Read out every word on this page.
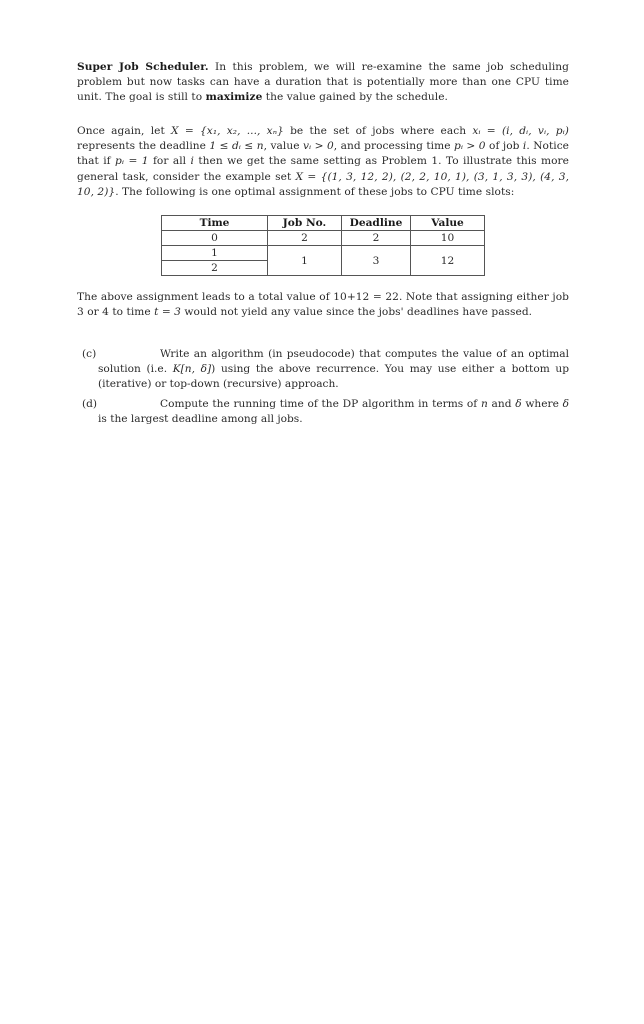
Super Job Scheduler. In this problem, we will re-examine the same job scheduling problem but now tasks can have a duration that is potentially more than one CPU time unit. The goal is still to maximize the value gained by the schedule.

Once again, let X = {x₁, x₂, ..., xₙ} be the set of jobs where each xᵢ = (i, dᵢ, vᵢ, pᵢ) represents the deadline 1 ≤ dᵢ ≤ n, value vᵢ > 0, and processing time pᵢ > 0 of job i. Notice that if pᵢ = 1 for all i then we get the same setting as Problem 1. To illustrate this more general task, consider the example set X = {(1, 3, 12, 2), (2, 2, 10, 1), (3, 1, 3, 3), (4, 3, 10, 2)}. The following is one optimal assignment of these jobs to CPU time slots:

Time	Job No.	Deadline	Value
0	2	2	10
1	1	3	12
2			

The above assignment leads to a total value of 10+12 = 22. Note that assigning either job 3 or 4 to time t = 3 would not yield any value since the jobs' deadlines have passed.

(c)	Write an algorithm (in pseudocode) that computes the value of an optimal solution (i.e. K[n, δ]) using the above recurrence. You may use either a bottom up (iterative) or top-down (recursive) approach.
(d)	Compute the running time of the DP algorithm in terms of n and δ where δ is the largest deadline among all jobs.
